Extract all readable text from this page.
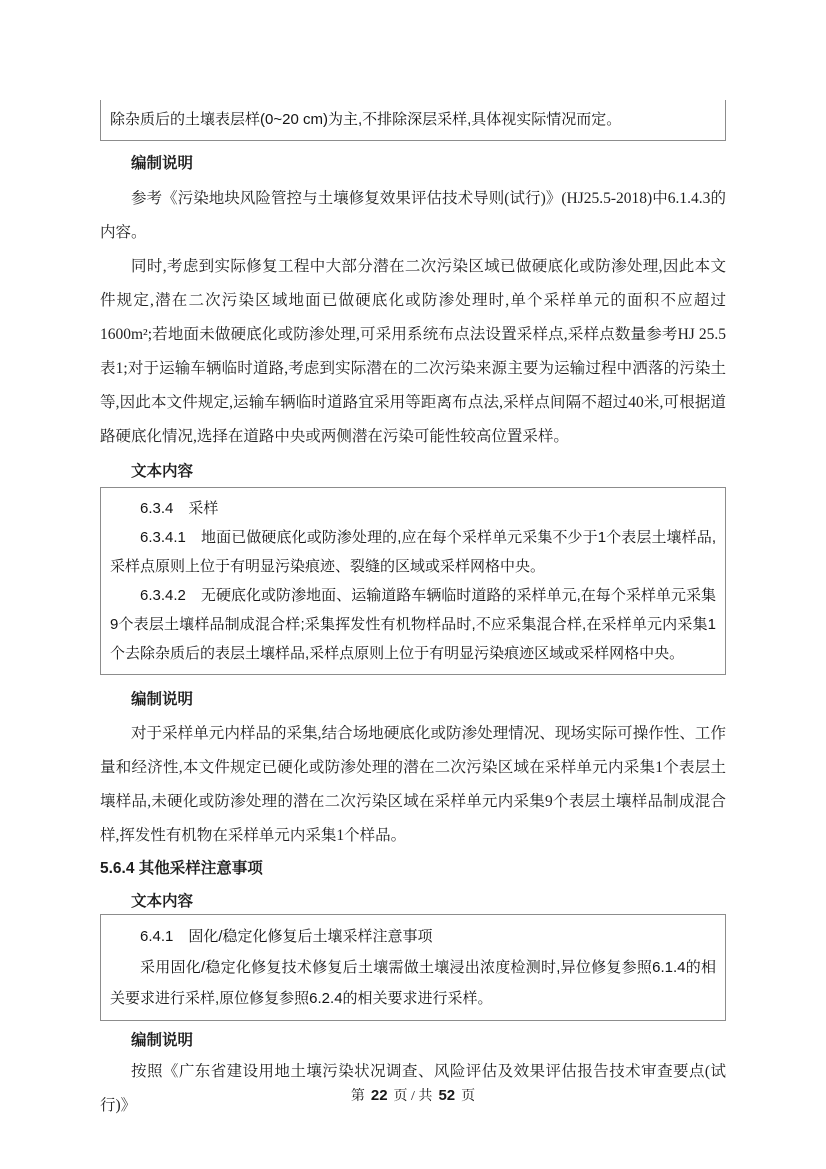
除杂质后的土壤表层样(0~20 cm)为主,不排除深层采样,具体视实际情况而定。

编制说明

参考《污染地块风险管控与土壤修复效果评估技术导则(试行)》(HJ25.5-2018)中6.1.4.3的内容。

同时,考虑到实际修复工程中大部分潜在二次污染区域已做硬底化或防渗处理,因此本文件规定,潜在二次污染区域地面已做硬底化或防渗处理时,单个采样单元的面积不应超过1600m²;若地面未做硬底化或防渗处理,可采用系统布点法设置采样点,采样点数量参考HJ 25.5表1;对于运输车辆临时道路,考虑到实际潜在的二次污染来源主要为运输过程中洒落的污染土等,因此本文件规定,运输车辆临时道路宜采用等距离布点法,采样点间隔不超过40米,可根据道路硬底化情况,选择在道路中央或两侧潜在污染可能性较高位置采样。

文本内容

6.3.4　采样

6.3.4.1　地面已做硬底化或防渗处理的,应在每个采样单元采集不少于1个表层土壤样品,采样点原则上位于有明显污染痕迹、裂缝的区域或采样网格中央。

6.3.4.2　无硬底化或防渗地面、运输道路车辆临时道路的采样单元,在每个采样单元采集9个表层土壤样品制成混合样;采集挥发性有机物样品时,不应采集混合样,在采样单元内采集1个去除杂质后的表层土壤样品,采样点原则上位于有明显污染痕迹区域或采样网格中央。

编制说明

对于采样单元内样品的采集,结合场地硬底化或防渗处理情况、现场实际可操作性、工作量和经济性,本文件规定已硬化或防渗处理的潜在二次污染区域在采样单元内采集1个表层土壤样品,未硬化或防渗处理的潜在二次污染区域在采样单元内采集9个表层土壤样品制成混合样,挥发性有机物在采样单元内采集1个样品。

5.6.4 其他采样注意事项
文本内容

6.4.1　固化/稳定化修复后土壤采样注意事项

采用固化/稳定化修复技术修复后土壤需做土壤浸出浓度检测时,异位修复参照6.1.4的相关要求进行采样,原位修复参照6.2.4的相关要求进行采样。

编制说明

按照《广东省建设用地土壤污染状况调查、风险评估及效果评估报告技术审查要点(试行)》

第 22 页 / 共 52 页
